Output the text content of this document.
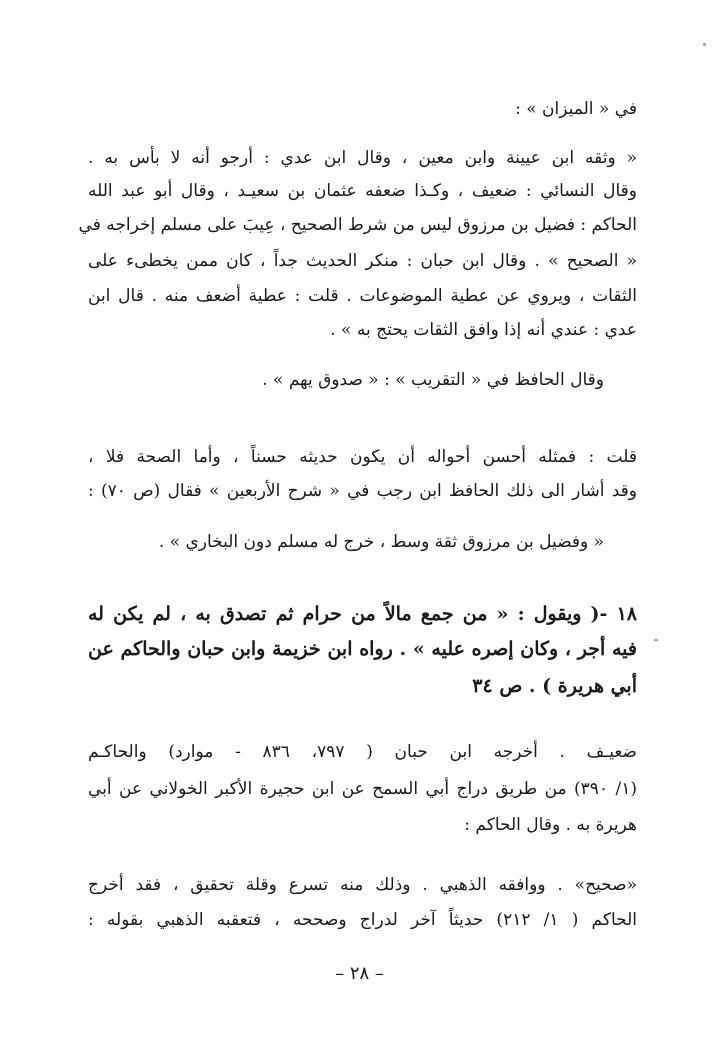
في « الميزان » :
« وثقه ابن عيينة وابن معين ، وقال ابن عدي : أرجو أنه لا بأس به .
وقال النسائي : ضعيف ، وكـذا ضعفه عثمان بن سعيـد ، وقال أبو عبد الله
الحاكم : فضيل بن مرزوق ليس من شرط الصحيح ، عِيبَ على مسلم إخراجه في
« الصحيح » . وقال ابن حبان : منكر الحديث جداً ، كان ممن يخطىء على
الثقات ، ويروي عن عطية الموضوعات . قلت : عطية أضعف منه . قال ابن
عدي : عندي أنه إذا وافق الثقات يحتج به » .
وقال الحافظ في « التقريب » : « صدوق يهم » .
قلت : فمثله أحسن أحواله أن يكون حديثه حسناً ، وأما الصحة فلا ،
وقد أشار الى ذلك الحافظ ابن رجب في « شرح الأربعين » فقال (ص ٧٠) :
« وفضيل بن مرزوق ثقة وسط ، خرج له مسلم دون البخاري » .
١٨ -( ويقول : « من جمع مالاً من حرام ثم تصدق به ، لم يكن له
فيه أجر ، وكان إصره عليه » . رواه ابن خزيمة وابن حبان والحاكم عن
أبي هريرة ) . ص ٣٤
ضعيـف . أخرجه ابن حبان ( ٧٩٧، ٨٣٦ - موارد) والحاكـم
(١/ ٣٩٠) من طريق دراج أبي السمح عن ابن حجيرة الأكبر الخولاني عن أبي
هريرة به . وقال الحاكم :
«صحيح» . ووافقه الذهبي . وذلك منه تسرع وقلة تحقيق ، فقد أخرج
الحاكم ( ١/ ٢١٢) حديثاً آخر لدراج وصححه ، فتعقبه الذهبي بقوله :
– ٢٨ –
